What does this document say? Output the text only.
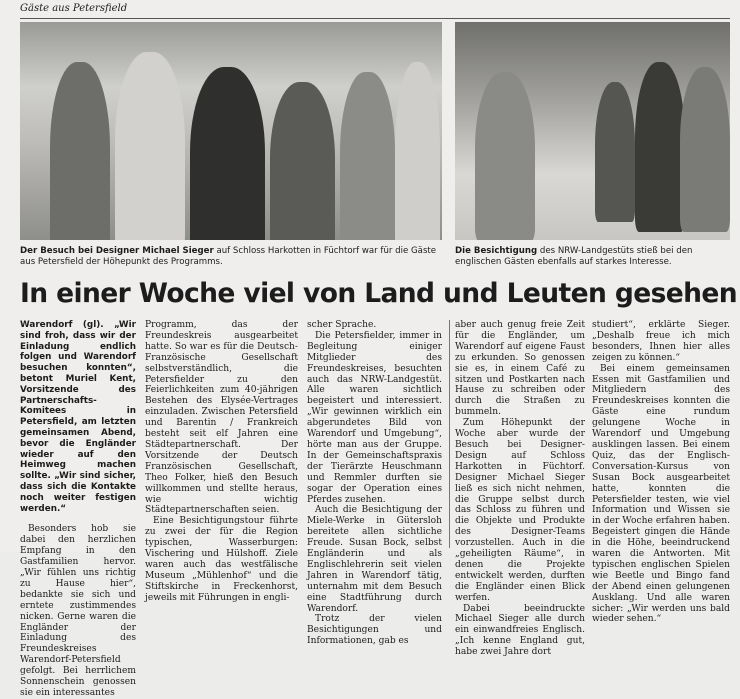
Gäste aus Petersfield
Der Besuch bei Designer Michael Sieger auf Schloss Harkotten in Füchtorf war für die Gäste aus Petersfield der Höhepunkt des Programms.
Die Besichtigung des NRW-Landgestüts stieß bei den englischen Gästen ebenfalls auf starkes Interesse.
In einer Woche viel von Land und Leuten gesehen

Warendorf (gl). „Wir sind froh, dass wir der Einladung endlich folgen und Warendorf besuchen konnten“, betont Muriel Kent, Vorsitzende des Partnerschafts-Komitees in Petersfield, am letzten gemeinsamen Abend, bevor die Engländer wieder auf den Heimweg machen sollte. „Wir sind sicher, dass sich die Kontakte noch weiter festigen werden.“

Besonders hob sie dabei den herzlichen Empfang in den Gastfamilien hervor. „Wir fühlen uns richtig zu Hause hier“, bedankte sie sich und erntete zustimmendes nicken. Gerne waren die Engländer der Einladung des Freundeskreises Warendorf-Petersfield gefolgt. Bei herrlichem Sonnenschein genossen sie ein interessantes

Programm, das der Freundeskreis ausgearbeitet hatte. So war es für die Deutsch-Französische Gesellschaft selbstverständlich, die Petersfielder zu den Feierlichkeiten zum 40-jährigen Bestehen des Elysée-Vertrages einzuladen. Zwischen Petersfield und Barentin / Frankreich besteht seit elf Jahren eine Städtepartnerschaft. Der Vorsitzende der Deutsch Französischen Gesellschaft, Theo Folker, hieß den Besuch willkommen und stellte heraus, wie wichtig Städtepartnerschaften seien.

Eine Besichtigungstour führte zu zwei der für die Region typischen, Wasserburgen: Vischering und Hülshoff. Ziele waren auch das westfälische Museum „Mühlenhof“ und die Stiftskirche in Freckenhorst, jeweils mit Führungen in engli-

scher Sprache.

Die Petersfielder, immer in Begleitung einiger Mitglieder des Freundeskreises, besuchten auch das NRW-Landgestüt. Alle waren sichtlich begeistert und interessiert. „Wir gewinnen wirklich ein abgerundetes Bild von Warendorf und Umgebung“, hörte man aus der Gruppe. In der Gemeinschaftspraxis der Tierärzte Heuschmann und Remmler durften sie sogar der Operation eines Pferdes zusehen.

Auch die Besichtigung der Miele-Werke in Gütersloh bereitete allen sichtliche Freude. Susan Bock, selbst Engländerin und als Englischlehrerin seit vielen Jahren in Warendorf tätig, unternahm mit dem Besuch eine Stadtführung durch Warendorf.

Trotz der vielen Besichtigungen und Informationen, gab es

aber auch genug freie Zeit für die Engländer, um Warendorf auf eigene Faust zu erkunden. So genossen sie es, in einem Café zu sitzen und Postkarten nach Hause zu schreiben oder durch die Straßen zu bummeln.

Zum Höhepunkt der Woche aber wurde der Besuch bei Designer-Design auf Schloss Harkotten in Füchtorf. Designer Michael Sieger ließ es sich nicht nehmen, die Gruppe selbst durch das Schloss zu führen und die Objekte und Produkte des Designer-Teams vorzustellen. Auch in die „geheiligten Räume“, in denen die Projekte entwickelt werden, durften die Engländer einen Blick werfen.

Dabei beeindruckte Michael Sieger alle durch ein einwandfreies Englisch. „Ich kenne England gut, habe zwei Jahre dort

studiert“, erklärte Sieger. „Deshalb freue ich mich besonders, Ihnen hier alles zeigen zu können.“

Bei einem gemeinsamen Essen mit Gastfamilien und Mitgliedern des Freundeskreises konnten die Gäste eine rundum gelungene Woche in Warendorf und Umgebung ausklingen lassen. Bei einem Quiz, das der Englisch-Conversation-Kursus von Susan Bock ausgearbeitet hatte, konnten die Petersfielder testen, wie viel Information und Wissen sie in der Woche erfahren haben. Begeistert gingen die Hände in die Höhe, beeindruckend waren die Antworten. Mit typischen englischen Spielen wie Beetle und Bingo fand der Abend einen gelungenen Ausklang. Und alle waren sicher: „Wir werden uns bald wieder sehen.“
